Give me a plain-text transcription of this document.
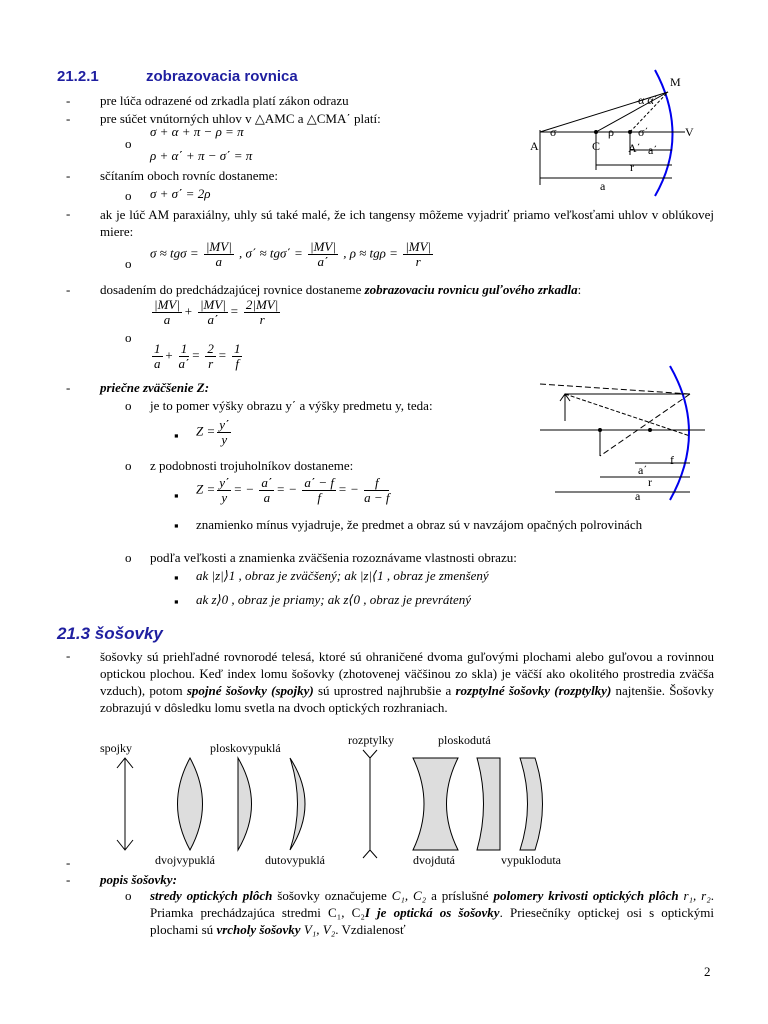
21.2.1	zobrazovacia rovnica
- pre lúča odrazené od zrkadla platí zákon odrazu
- pre súčet vnútorných uhlov v △AMC a △CMA΄ platí:
o
σ + α + π − ρ = π
ρ + α΄ + π − σ΄ = π
- sčítaním oboch rovníc dostaneme:
o σ + σ΄ = 2ρ
- ak je lúč AM paraxiálny, uhly sú také malé, že ich tangensy môžeme vyjadriť priamo veľkosťami uhlov v oblúkovej miere:
o
$\sigma \approx tg\sigma = \frac{|MV|}{a}$ , $\sigma΄ \approx tg\sigma΄ = \frac{|MV|}{a΄}$ , $\rho \approx tg\rho = \frac{|MV|}{r}$
- dosadením do predchádzajúcej rovnice dostaneme zobrazovaciu rovnicu guľového zrkadla:
o
$\frac{|MV|}{a} + \frac{|MV|}{a΄} = \frac{2|MV|}{r}$
$\frac{1}{a} + \frac{1}{a΄} = \frac{2}{r} = \frac{1}{f}$
- priečne zväčšenie Z:
o je to pomer výšky obrazu y΄ a výšky predmetu y, teda:
▪ $Z = \frac{y΄}{y}$
o z podobnosti trojuholníkov dostaneme:
▪ $Z = \frac{y΄}{y}$ = − $\frac{a΄}{a}$ = − $\frac{a΄ - f}{f}$ = − $\frac{f}{a - f}$
▪ znamienko mínus vyjadruje, že predmet a obraz sú v navzájom opačných polrovinách
o podľa veľkosti a znamienka zväčšenia rozoznávame vlastnosti obrazu:
▪ ak |z|⟩1 , obraz je zväčšený; ak |z|⟨1 , obraz je zmenšený
▪ ak z⟩0 , obraz je priamy; ak z⟨0 , obraz je prevrátený
21.3 šošovky
- šošovky sú priehľadné rovnorodé telesá, ktoré sú ohraničené dvoma guľovými plochami alebo guľovou a rovinnou optickou plochou. Keď index lomu šošovky (zhotovenej väčšinou zo skla) je väčší ako okolitého prostredia zväčša vzduch), potom spojné šošovky (spojky) sú uprostred najhrubšie a rozptylné šošovky (rozptylky) najtenšie. Šošovky zobrazujú v dôsledku lomu svetla na dvoch optických rozhraniach.
spojky	ploskovypuklá
rozptylky	ploskodutá
dvojvypuklá	dutovypuklá	dvojdutá	vypukloduta
-
- popis šošovky:
o stredy optických plôch šošovky označujeme C₁, C₂ a príslušné polomery krivosti optických plôch r₁, r₂. Priamka prechádzajúca stredmi C₁, C₂I je optická os šošovky. Priesečníky optickej osi s optickými plochami sú vrcholy šošovky V₁, V₂. Vzdialenosť
M
A	C A΄
V
σ	ρ σ΄
α α΄
a
r
a΄
a΄
f
r
a
2
